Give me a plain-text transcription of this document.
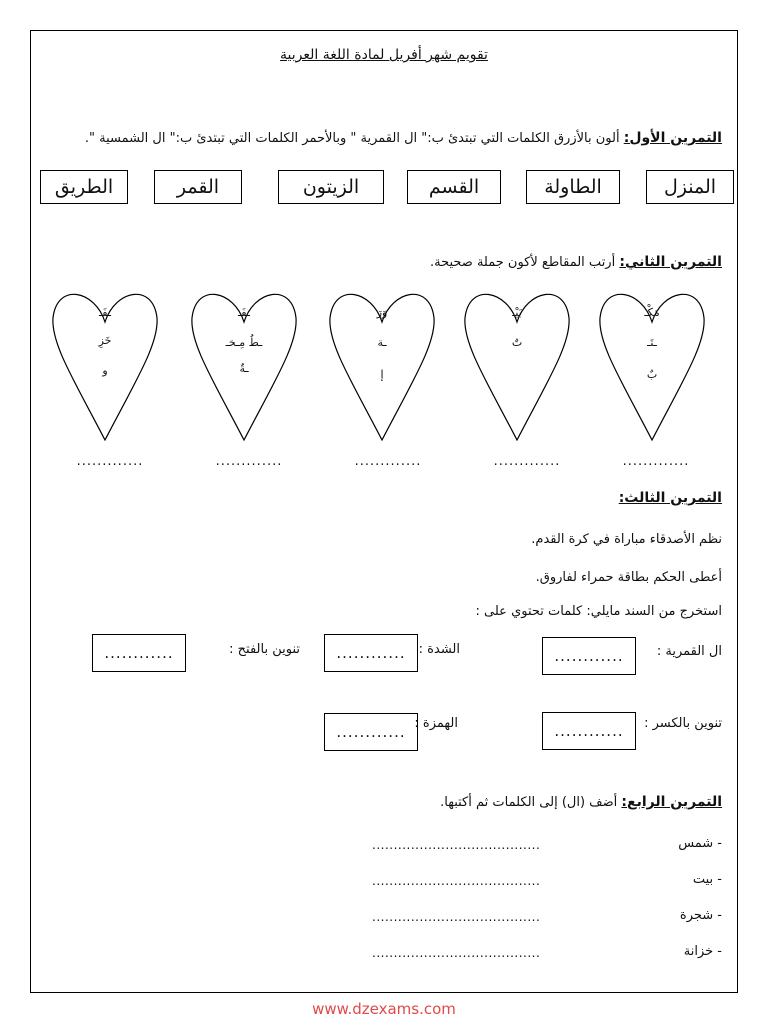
تقويم شهر أفريل لمادة اللغة العربية
التمرين الأول: ألون بالأزرق الكلمات التي تبتدئ ب:" ال القمرية " وبالأحمر الكلمات التي تبتدئ ب:" ال الشمسية ".
المنزل
الطاولة
القسم
الزيتون
القمر
الطريق
التمرين الثاني: أرتب المقاطع لأكون جملة صحيحة.
مَكْـ
ـتَـ
بٌ
بَيْـ
تٌ
وَرَ
ـة
إ
ـفَـ
ـطُ مِـخـ
ـةٌ
ـفَـ
خَزِ
و
.............
.............
.............
.............
.............
التمرين الثالث:
نظم الأصدقاء مباراة في كرة القدم.
أعطى الحكم بطاقة حمراء لفاروق.
استخرج من السند مايلي: كلمات تحتوي على :
ال القمرية :
............
الشدة :
............
تنوين بالفتح :
............
تنوين بالكسر :
............
الهمزة :
............
التمرين الرابع: أضف (ال) إلى الكلمات ثم أكتبها.
- شمس
.......................................
- بيت
.......................................
- شجرة
.......................................
- خزانة
.......................................
www.dzexams.com
